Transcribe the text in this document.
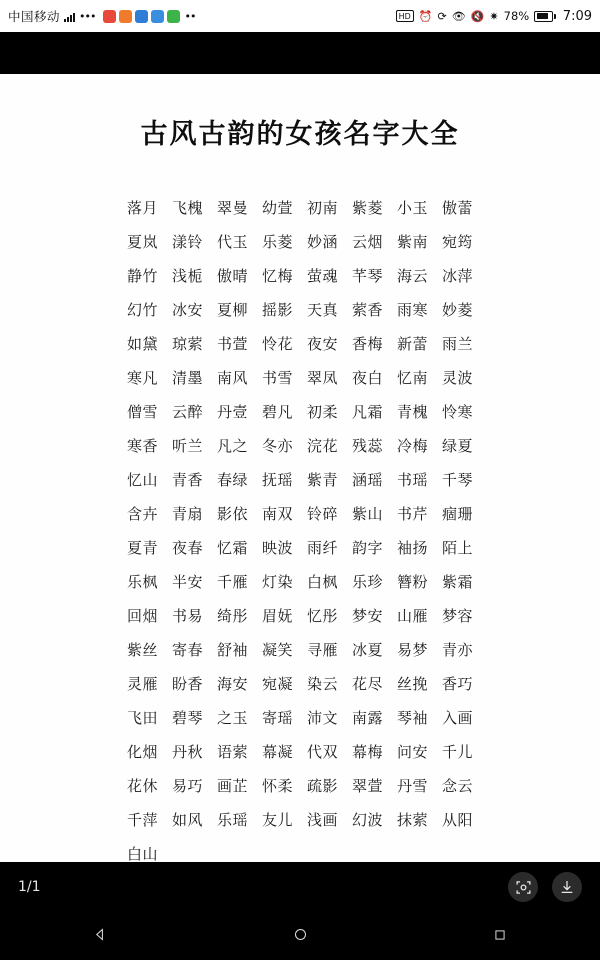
中国移动 •••	••	HD ⏰ ⟳ 👁 🔇 ✷ 78%	7:09
古风古韵的女孩名字大全
落月 飞槐 翠曼 幼萱 初南 紫菱 小玉 傲蕾
夏岚 漾铃 代玉 乐菱 妙涵 云烟 紫南 宛筠
静竹 浅栀 傲晴 忆梅 萤魂 芊琴 海云 冰萍
幻竹 冰安 夏柳 摇影 天真 萦香 雨寒 妙菱
如黛 琼萦 书萱 怜花 夜安 香梅 新蕾 雨兰
寒凡 清墨 南风 书雪 翠凤 夜白 忆南 灵波
僧雪 云醉 丹壹 碧凡 初柔 凡霜 青槐 怜寒
寒香 听兰 凡之 冬亦 浣花 残蕊 冷梅 绿夏
忆山 青香 春绿 抚瑶 紫青 涵瑶 书瑶 千琴
含卉 青扇 影依 南双 铃碎 紫山 书芹 痼珊
夏青 夜春 忆霜 映波 雨纤 韵字 袖扬 陌上
乐枫 半安 千雁 灯染 白枫 乐珍 簪粉 紫霜
回烟 书易 绮彤 眉妩 忆彤 梦安 山雁 梦容
紫丝 寄春 舒袖 凝笑 寻雁 冰夏 易梦 青亦
灵雁 盼香 海安 宛凝 染云 花尽 丝挽 香巧
飞田 碧琴 之玉 寄瑶 沛文 南露 琴袖 入画
化烟 丹秋 语萦 幕凝 代双 幕梅 问安 千儿
花休 易巧 画芷 怀柔 疏影 翠萱 丹雪 念云
千萍 如风 乐瑶 友儿 浅画 幻波 抹萦 从阳
白山
1/1
